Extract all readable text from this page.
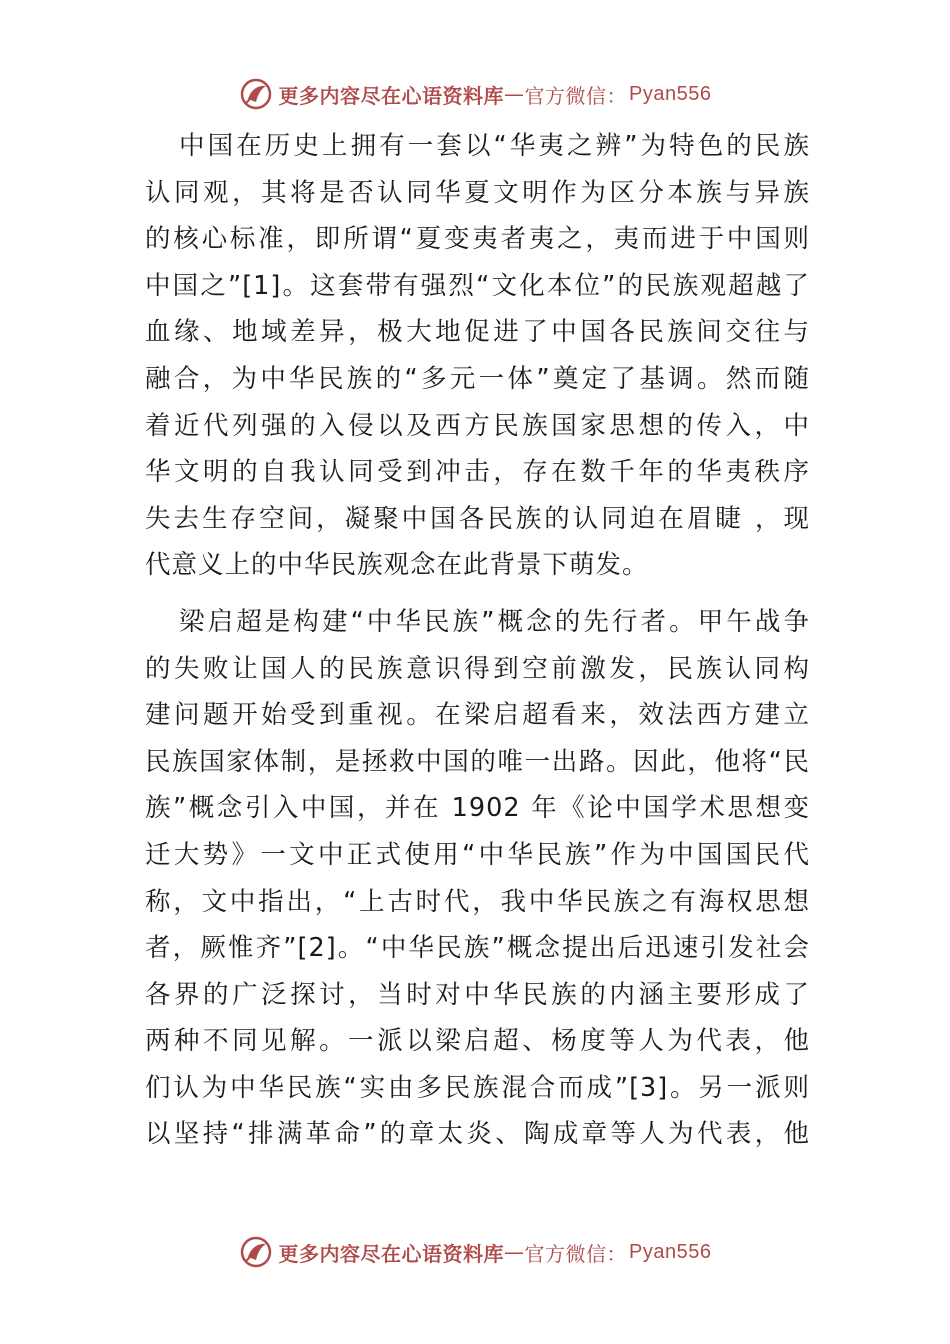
更多内容尽在心语资料库 — 官方微信： Pyan556
中国在历史上拥有一套以“华夷之辨”为特色的民族
认同观，其将是否认同华夏文明作为区分本族与异族
的核心标准，即所谓“夏变夷者夷之，夷而进于中国则
中国之”[1]。这套带有强烈“文化本位”的民族观超越了
血缘、地域差异，极大地促进了中国各民族间交往与
融合，为中华民族的“多元一体”奠定了基调。然而随
着近代列强的入侵以及西方民族国家思想的传入，中
华文明的自我认同受到冲击，存在数千年的华夷秩序
失去生存空间，凝聚中国各民族的认同迫在眉睫 ，现
代意义上的中华民族观念在此背景下萌发。
梁启超是构建“中华民族”概念的先行者。甲午战争
的失败让国人的民族意识得到空前激发，民族认同构
建问题开始受到重视。在梁启超看来，效法西方建立
民族国家体制，是拯救中国的唯一出路。因此，他将“民
族”概念引入中国，并在 1902 年《论中国学术思想变
迁大势》一文中正式使用“中华民族”作为中国国民代
称，文中指出，“上古时代，我中华民族之有海权思想
者，厥惟齐”[2]。“中华民族”概念提出后迅速引发社会
各界的广泛探讨，当时对中华民族的内涵主要形成了
两种不同见解。一派以梁启超、杨度等人为代表，他
们认为中华民族“实由多民族混合而成”[3]。另一派则
以坚持“排满革命”的章太炎、陶成章等人为代表，他
更多内容尽在心语资料库 — 官方微信： Pyan556
